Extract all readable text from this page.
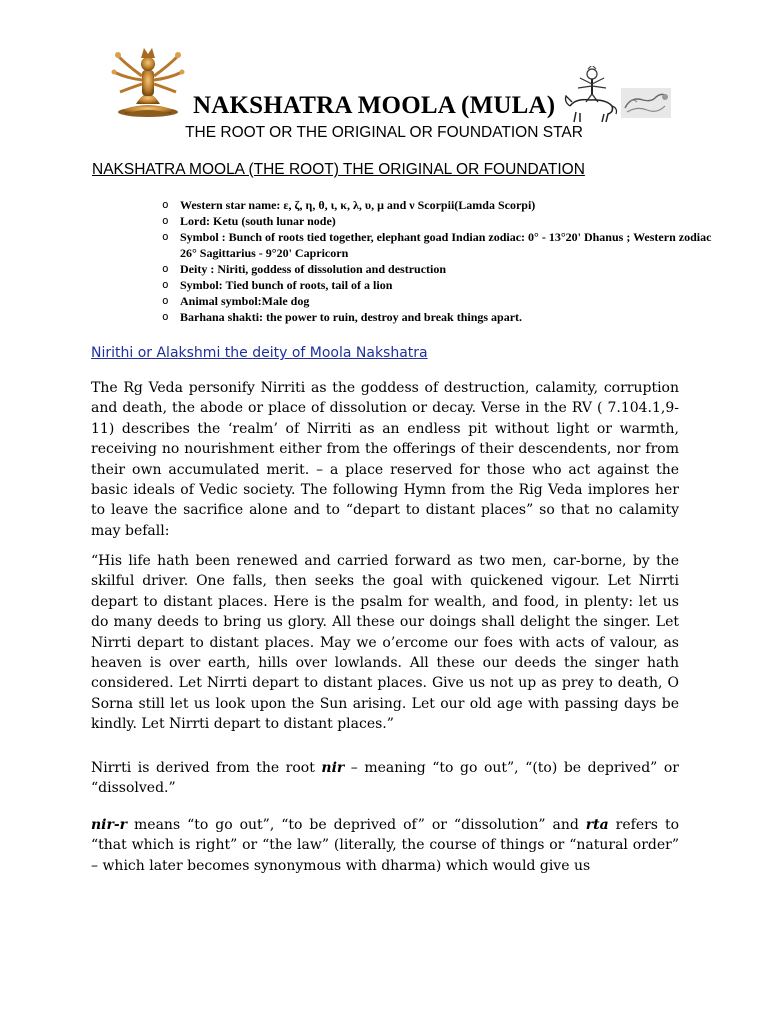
NAKSHATRA MOOLA (MULA)
THE ROOT OR THE ORIGINAL OR FOUNDATION STAR
NAKSHATRA MOOLA (THE ROOT) THE ORIGINAL OR FOUNDATION
o Western star name: ε, ζ, η, θ, ι, κ, λ, υ, μ and ν Scorpii(Lamda Scorpi)
o Lord: Ketu (south lunar node)
o Symbol : Bunch of roots tied together, elephant goad Indian zodiac: 0° - 13°20' Dhanus ; Western zodiac 26° Sagittarius - 9°20' Capricorn
o Deity : Niriti, goddess of dissolution and destruction
o Symbol: Tied bunch of roots, tail of a lion
o Animal symbol:Male dog
o Barhana shakti: the power to ruin, destroy and break things apart.
Nirithi or Alakshmi the deity of Moola Nakshatra

The Rg Veda personify Nirriti as the goddess of destruction, calamity, corruption and death, the abode or place of dissolution or decay. Verse in the RV ( 7.104.1,9-11) describes the ‘realm’ of Nirriti as an endless pit without light or warmth, receiving no nourishment either from the offerings of their descendents, nor from their own accumulated merit. – a place reserved for those who act against the basic ideals of Vedic society. The following Hymn from the Rig Veda implores her to leave the sacrifice alone and to “depart to distant places” so that no calamity may befall:

“His life hath been renewed and carried forward as two men, car-borne, by the skilful driver. One falls, then seeks the goal with quickened vigour. Let Nirrti depart to distant places. Here is the psalm for wealth, and food, in plenty: let us do many deeds to bring us glory. All these our doings shall delight the singer. Let Nirrti depart to distant places. May we o’ercome our foes with acts of valour, as heaven is over earth, hills over lowlands. All these our deeds the singer hath considered. Let Nirrti depart to distant places. Give us not up as prey to death, O Sorna still let us look upon the Sun arising. Let our old age with passing days be kindly. Let Nirrti depart to distant places.”

Nirrti is derived from the root nir – meaning “to go out”, “(to) be deprived” or “dissolved.”

nir-r means “to go out”, “to be deprived of” or “dissolution” and rta refers to “that which is right” or “the law” (literally, the course of things or “natural order” – which later becomes synonymous with dharma) which would give us
